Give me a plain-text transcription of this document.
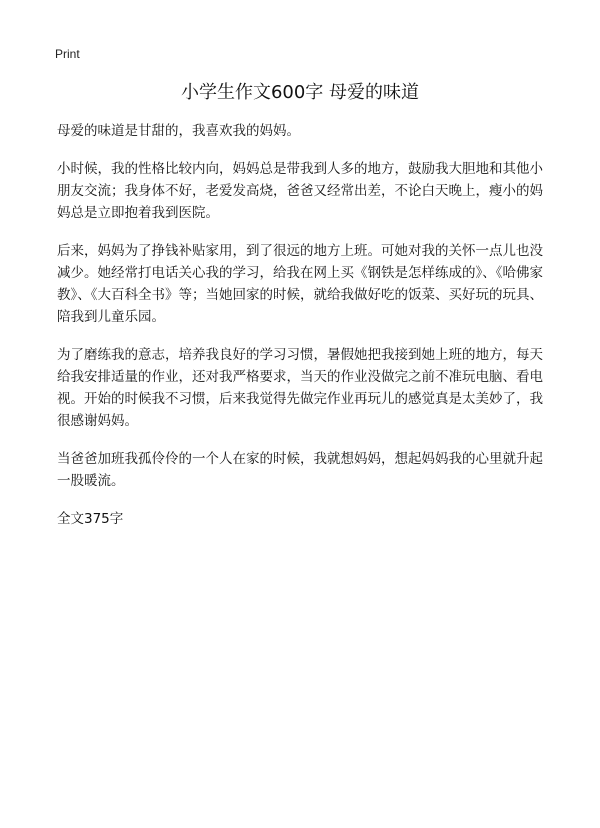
Print
小学生作文600字 母爱的味道

母爱的味道是甘甜的，我喜欢我的妈妈。

小时候，我的性格比较内向，妈妈总是带我到人多的地方，鼓励我大胆地和其他小朋友交流；我身体不好，老爱发高烧，爸爸又经常出差，不论白天晚上，瘦小的妈妈总是立即抱着我到医院。

后来，妈妈为了挣钱补贴家用，到了很远的地方上班。可她对我的关怀一点儿也没减少。她经常打电话关心我的学习，给我在网上买《钢铁是怎样练成的》、《哈佛家教》、《大百科全书》等；当她回家的时候，就给我做好吃的饭菜、买好玩的玩具、陪我到儿童乐园。

为了磨练我的意志，培养我良好的学习习惯，暑假她把我接到她上班的地方，每天给我安排适量的作业，还对我严格要求，当天的作业没做完之前不准玩电脑、看电视。开始的时候我不习惯，后来我觉得先做完作业再玩儿的感觉真是太美妙了，我很感谢妈妈。

当爸爸加班我孤伶伶的一个人在家的时候，我就想妈妈，想起妈妈我的心里就升起一股暖流。

全文375字
